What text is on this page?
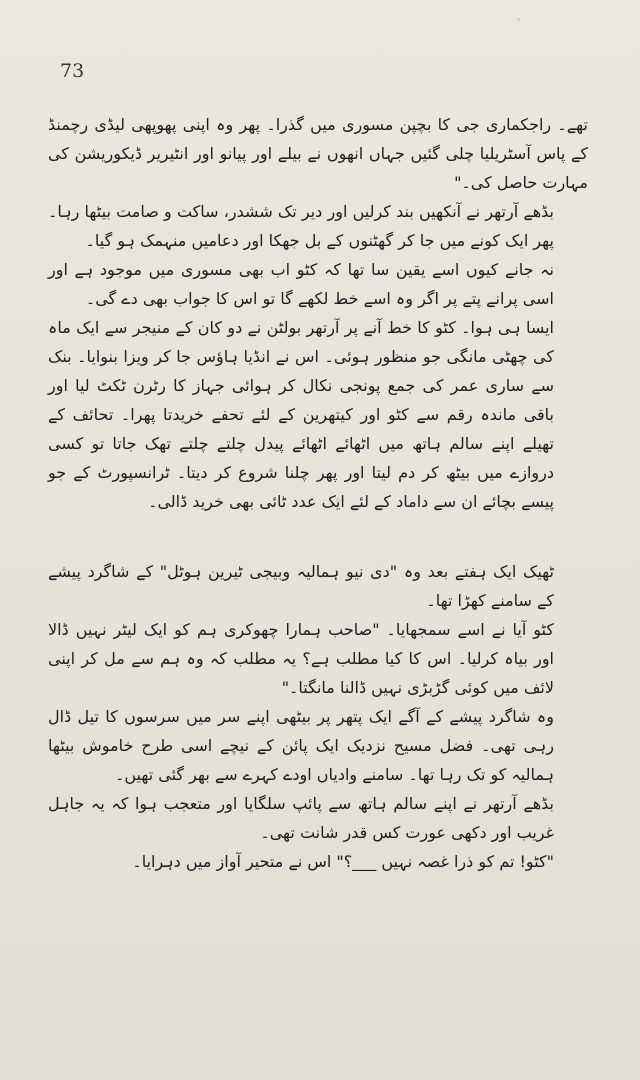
73

تھے۔ راجکماری جی کا بچپن مسوری میں گذرا۔ پھر وہ اپنی پھوپھی لیڈی رچمنڈ کے پاس آسٹریلیا چلی گئیں جہاں انھوں نے بیلے اور پیانو اور انٹیریر ڈیکوریشن کی مہارت حاصل کی۔"

بڈھے آرتھر نے آنکھیں بند کرلیں اور دیر تک ششدر، ساکت و صامت بیٹھا رہا۔ پھر ایک کونے میں جا کر گھٹنوں کے بل جھکا اور دعامیں منہمک ہو گیا۔

نہ جانے کیوں اسے یقین سا تھا کہ کٹو اب بھی مسوری میں موجود ہے اور اسی پرانے پتے پر اگر وہ اسے خط لکھے گا تو اس کا جواب بھی دے گی۔

ایسا ہی ہوا۔ کٹو کا خط آنے پر آرتھر بولٹن نے دو کان کے منیجر سے ایک ماہ کی چھٹی مانگی جو منظور ہوئی۔ اس نے انڈیا ہاؤس جا کر ویزا بنوایا۔ بنک سے ساری عمر کی جمع پونجی نکال کر ہوائی جہاز کا رٹرن ٹکٹ لیا اور باقی ماندہ رقم سے کٹو اور کیتھرین کے لئے تحفے خریدتا پھرا۔ تحائف کے تھیلے اپنے سالم ہاتھ میں اٹھائے اٹھائے پیدل چلتے چلتے تھک جاتا تو کسی دروازے میں بیٹھ کر دم لیتا اور پھر چلنا شروع کر دیتا۔ ٹرانسپورٹ کے جو پیسے بچائے ان سے داماد کے لئے ایک عدد ٹائی بھی خرید ڈالی۔

ٹھیک ایک ہفتے بعد وہ "دی نیو ہمالیہ وبیجی ٹیرین ہوٹل" کے شاگرد پیشے کے سامنے کھڑا تھا۔

کٹو آیا نے اسے سمجھایا۔ "صاحب ہمارا چھوکری ہم کو ایک لیٹر نہیں ڈالا اور بیاہ کرلیا۔ اس کا کیا مطلب ہے؟ یہ مطلب کہ وہ ہم سے مل کر اپنی لائف میں کوئی گڑبڑی نہیں ڈالنا مانگتا۔"

وہ شاگرد پیشے کے آگے ایک پتھر پر بیٹھی اپنے سر میں سرسوں کا تیل ڈال رہی تھی۔ فضل مسیح نزدیک ایک پائن کے نیچے اسی طرح خاموش بیٹھا ہمالیہ کو تک رہا تھا۔ سامنے وادیاں اودے کہرے سے بھر گئی تھیں۔

بڈھے آرتھر نے اپنے سالم ہاتھ سے پائپ سلگایا اور متعجب ہوا کہ یہ جاہل غریب اور دکھی عورت کس قدر شانت تھی۔

"کٹو! تم کو ذرا غصہ نہیں ___؟" اس نے متحیر آواز میں دہرایا۔
